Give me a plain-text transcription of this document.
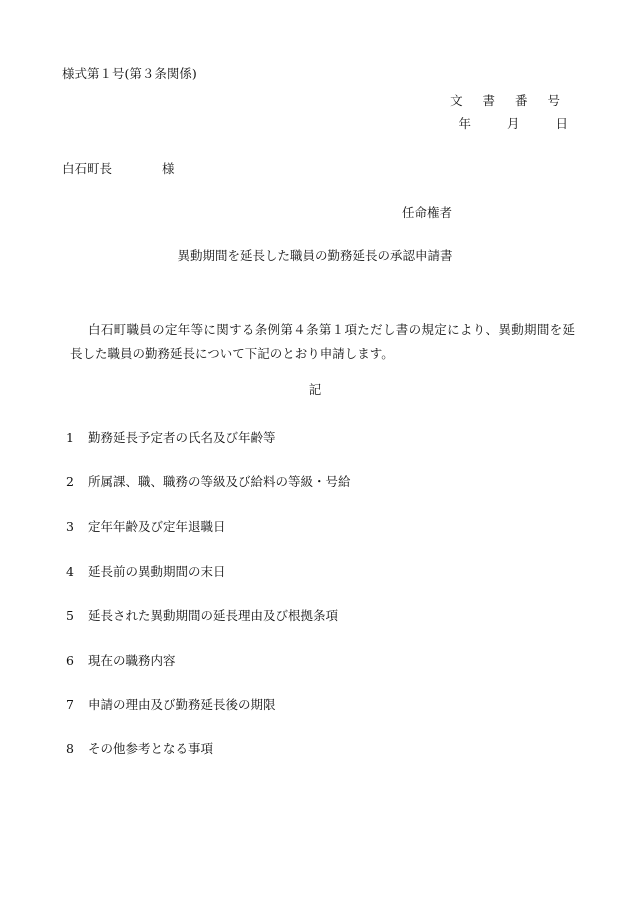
様式第１号(第３条関係)
文 書 番 号
年	月	日
白石町長	様
任命権者
異動期間を延長した職員の勤務延長の承認申請書
白石町職員の定年等に関する条例第４条第１項ただし書の規定により、異動期間を延長した職員の勤務延長について下記のとおり申請します。
記
1	勤務延長予定者の氏名及び年齢等
2	所属課、職、職務の等級及び給料の等級・号給
3	定年年齢及び定年退職日
4	延長前の異動期間の末日
5	延長された異動期間の延長理由及び根拠条項
6	現在の職務内容
7	申請の理由及び勤務延長後の期限
8	その他参考となる事項
